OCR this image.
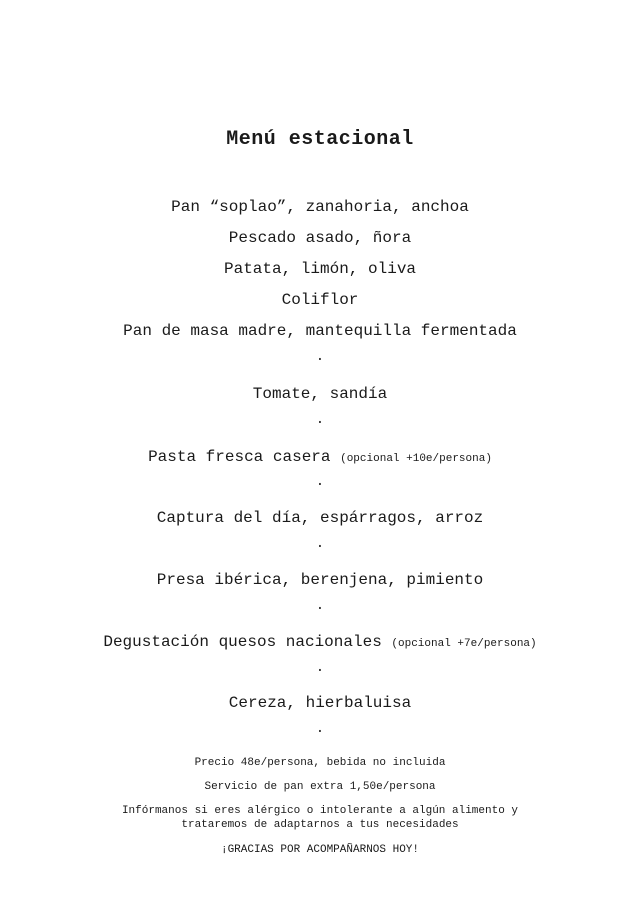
Menú estacional
Pan “soplao”, zanahoria, anchoa
Pescado asado, ñora
Patata, limón, oliva
Coliflor
Pan de masa madre, mantequilla fermentada
.
Tomate, sandía
.
Pasta fresca casera (opcional +10e/persona)
.
Captura del día, espárragos, arroz
.
Presa ibérica, berenjena, pimiento
.
Degustación quesos nacionales (opcional +7e/persona)
.
Cereza, hierbaluisa
.
Precio 48e/persona, bebida no incluida
Servicio de pan extra 1,50e/persona
Infórmanos si eres alérgico o intolerante a algún alimento y
trataremos de adaptarnos a tus necesidades
¡GRACIAS POR ACOMPAÑARNOS HOY!
